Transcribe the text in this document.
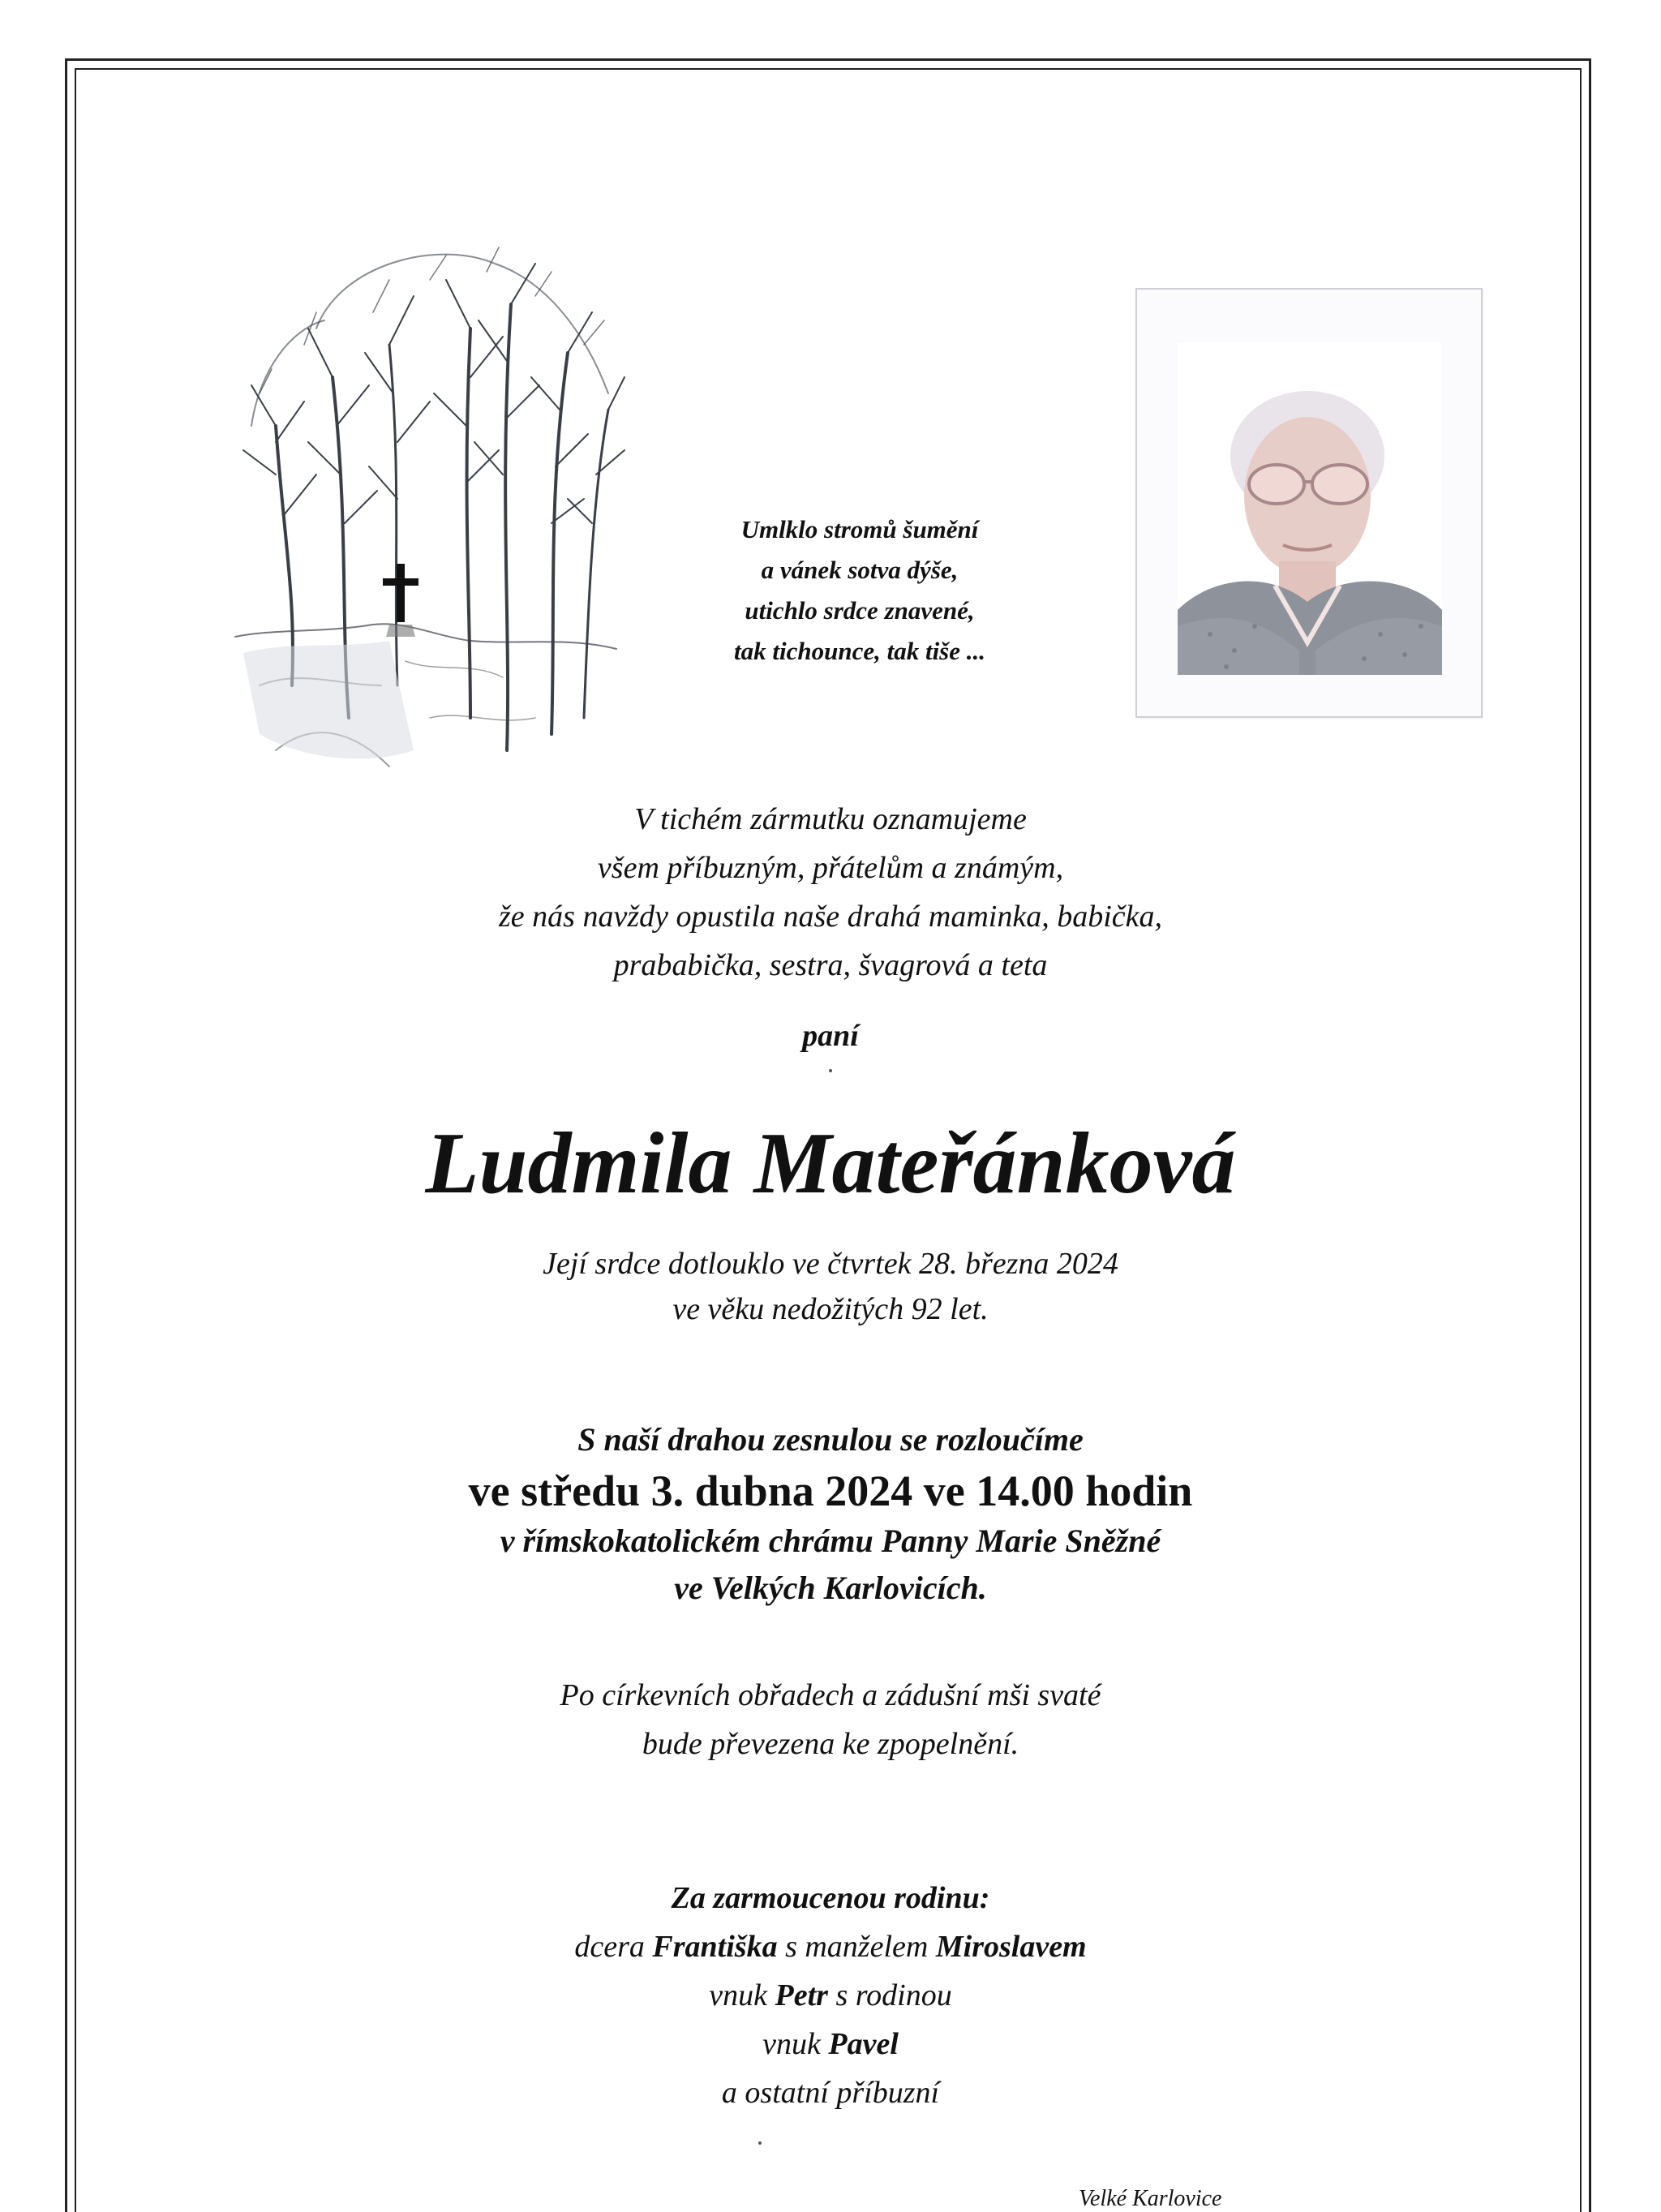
Umlklo stromů šumění
a vánek sotva dýše,
utichlo srdce znavené,
tak tichounce, tak tiše ...
V tichém zármutku oznamujeme
všem příbuzným, přátelům a známým,
že nás navždy opustila naše drahá maminka, babička,
prababička, sestra, švagrová a teta
paní
Ludmila Mateřánková
Její srdce dotlouklo ve čtvrtek 28. března 2024
ve věku nedožitých 92 let.
S naší drahou zesnulou se rozloučíme
ve středu 3. dubna 2024 ve 14.00 hodin
v římskokatolickém chrámu Panny Marie Sněžné
ve Velkých Karlovicích.
Po církevních obřadech a zádušní mši svaté
bude převezena ke zpopelnění.
Za zarmoucenou rodinu:
dcera Františka s manželem Miroslavem
vnuk Petr s rodinou
vnuk Pavel
a ostatní příbuzní
Velké Karlovice
